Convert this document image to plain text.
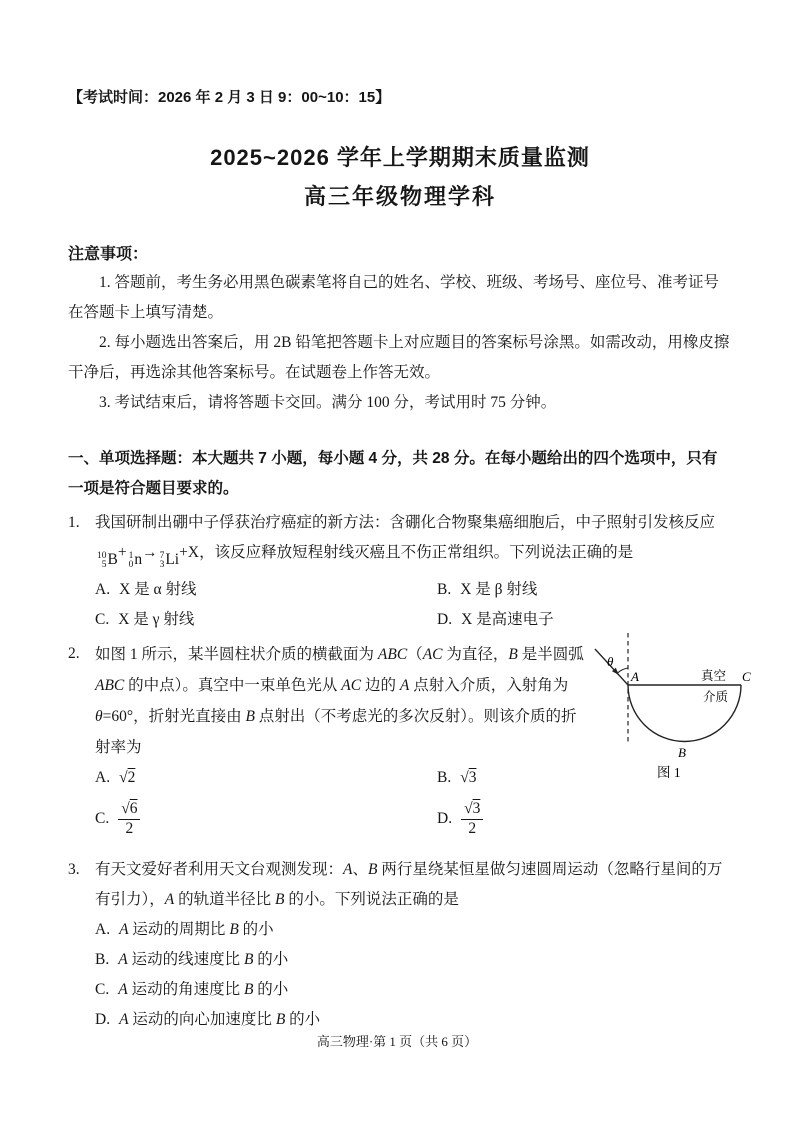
【考试时间：2026 年 2 月 3 日 9：00~10：15】
2025~2026 学年上学期期末质量监测
高三年级物理学科
注意事项：

1. 答题前，考生务必用黑色碳素笔将自己的姓名、学校、班级、考场号、座位号、准考证号在答题卡上填写清楚。

2. 每小题选出答案后，用 2B 铅笔把答题卡上对应题目的答案标号涂黑。如需改动，用橡皮擦干净后，再选涂其他答案标号。在试题卷上作答无效。

3. 考试结束后，请将答题卡交回。满分 100 分，考试用时 75 分钟。

一、单项选择题：本大题共 7 小题，每小题 4 分，共 28 分。在每小题给出的四个选项中，只有一项是符合题目要求的。
1. 我国研制出硼中子俘获治疗癌症的新方法：含硼化合物聚集癌细胞后，中子照射引发核反应
10
5 B + 1
0 n → 7
3 Li +X，该反应释放短程射线灭癌且不伤正常组织。下列说法正确的是
A. X 是 α 射线	B. X 是 β 射线
C. X 是 γ 射线	D. X 是高速电子
2. 如图 1 所示，某半圆柱状介质的横截面为 ABC（AC 为直径，B 是半圆弧 ABC 的中点）。真空中一束单色光从 AC 边的 A 点射入介质，入射角为 θ=60°，折射光直接由 B 点射出（不考虑光的多次反射）。则该介质的折射率为
θ
A	C
B
真空
介质
图 1
A. √2	B. √3
C. $\frac{√6}{2}$	D. $\frac{√3}{2}$
3. 有天文爱好者利用天文台观测发现：A、B 两行星绕某恒星做匀速圆周运动（忽略行星间的万有引力），A 的轨道半径比 B 的小。下列说法正确的是
A. A 运动的周期比 B 的小
B. A 运动的线速度比 B 的小
C. A 运动的角速度比 B 的小
D. A 运动的向心加速度比 B 的小
高三物理·第 1 页（共 6 页）
